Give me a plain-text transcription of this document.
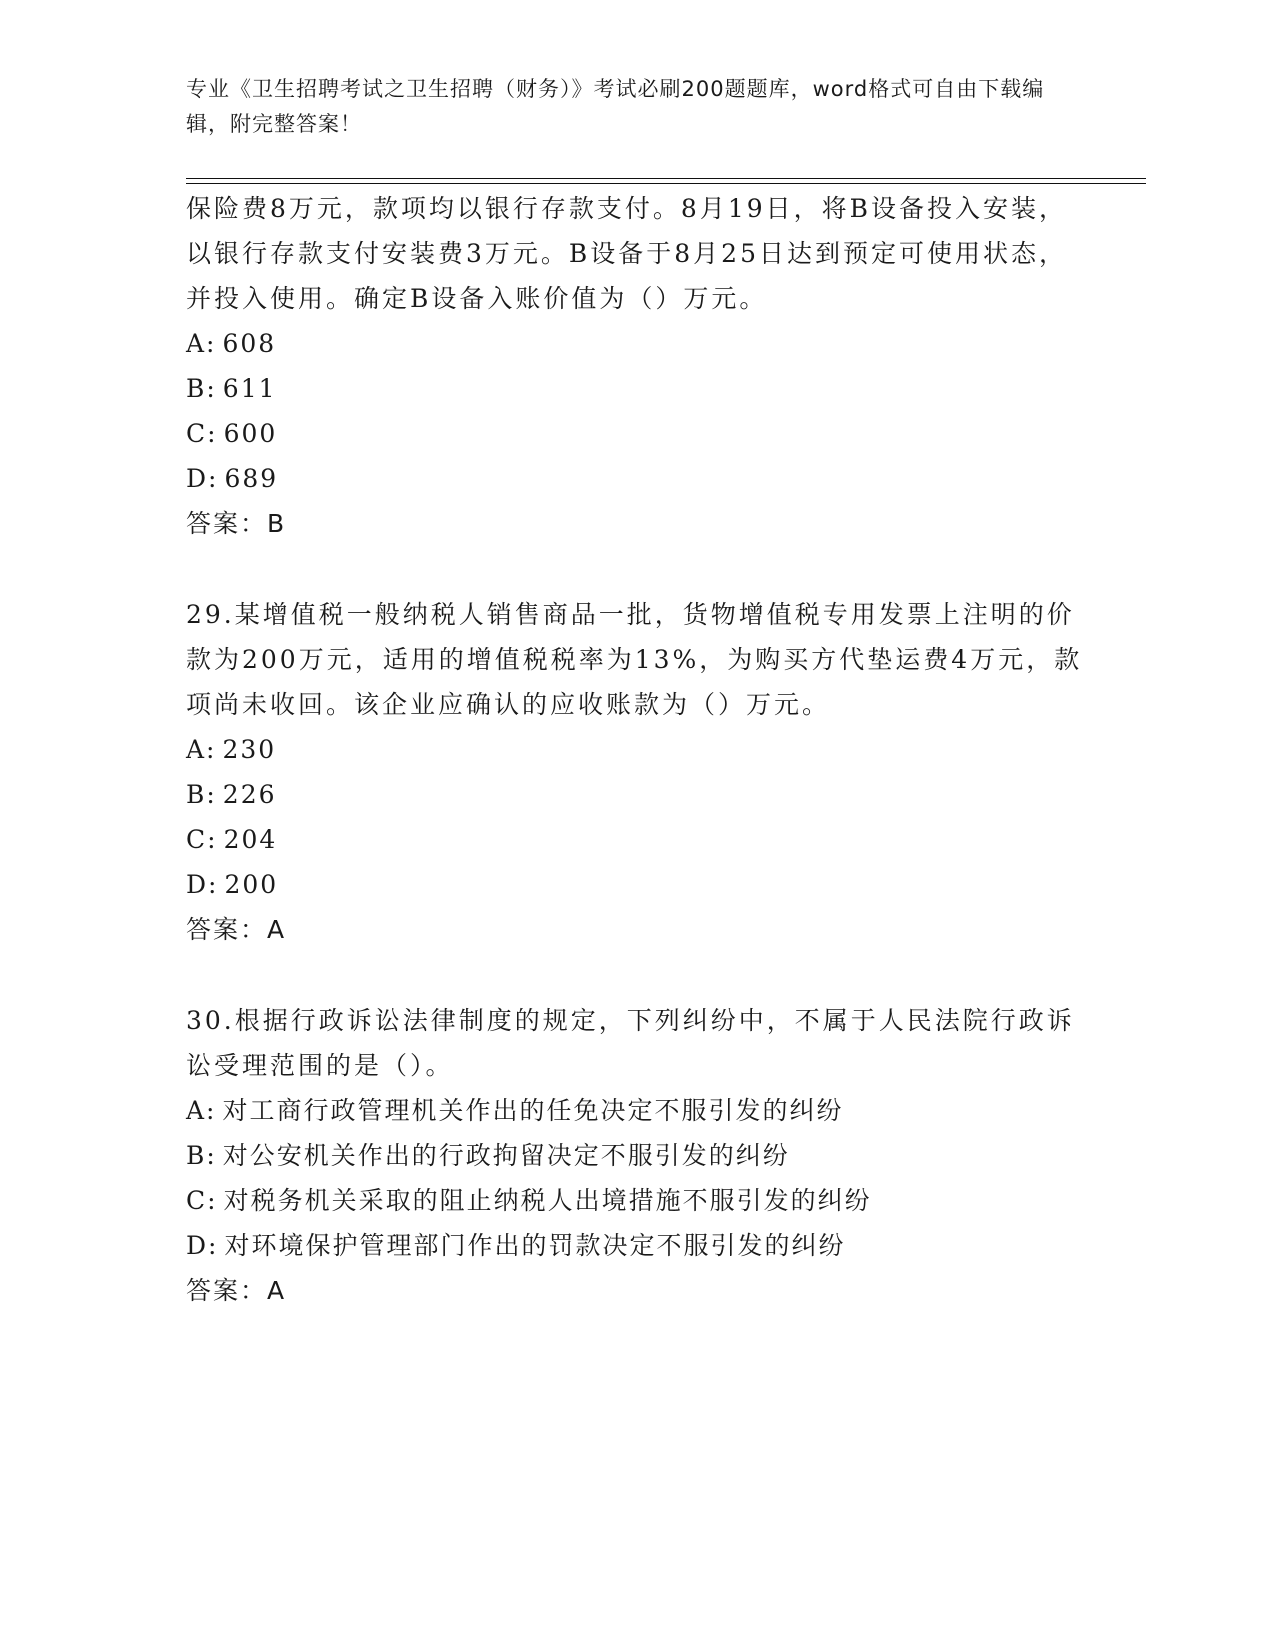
专业《卫生招聘考试之卫生招聘（财务）》考试必刷200题题库，word格式可自由下载编辑，附完整答案！

保险费8万元，款项均以银行存款支付。8月19日，将B设备投入安装，以银行存款支付安装费3万元。B设备于8月25日达到预定可使用状态，并投入使用。确定B设备入账价值为（）万元。

A: 608

B: 611

C: 600

D: 689

答案：B

29.某增值税一般纳税人销售商品一批，货物增值税专用发票上注明的价款为200万元，适用的增值税税率为13%，为购买方代垫运费4万元，款项尚未收回。该企业应确认的应收账款为（）万元。

A: 230

B: 226

C: 204

D: 200

答案：A

30.根据行政诉讼法律制度的规定，下列纠纷中，不属于人民法院行政诉讼受理范围的是（）。

A: 对工商行政管理机关作出的任免决定不服引发的纠纷

B: 对公安机关作出的行政拘留决定不服引发的纠纷

C: 对税务机关采取的阻止纳税人出境措施不服引发的纠纷

D: 对环境保护管理部门作出的罚款决定不服引发的纠纷

答案：A
